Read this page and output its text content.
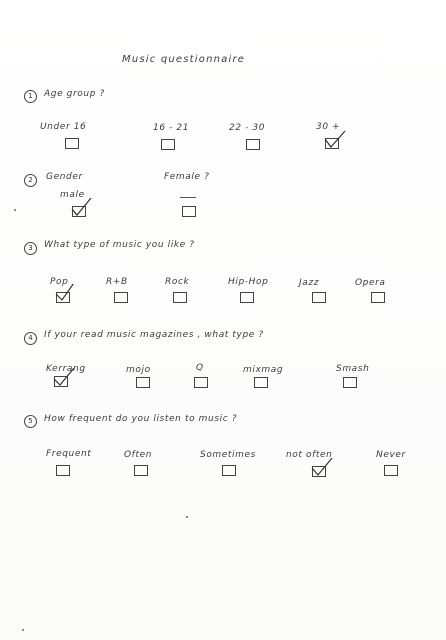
Music questionnaire
1	Age group ?
Under 16	16 - 21	22 - 30	30 +
2	Gender	Female ?
male
3	What type of music you like ?
Pop	R+B	Rock	Hip-Hop	Jazz	Opera
4	If your read music magazines , what type ?
Kerrang	mojo	Q	mixmag	Smash
5	How frequent do you listen to music ?
Frequent	Often	Sometimes	not often	Never
